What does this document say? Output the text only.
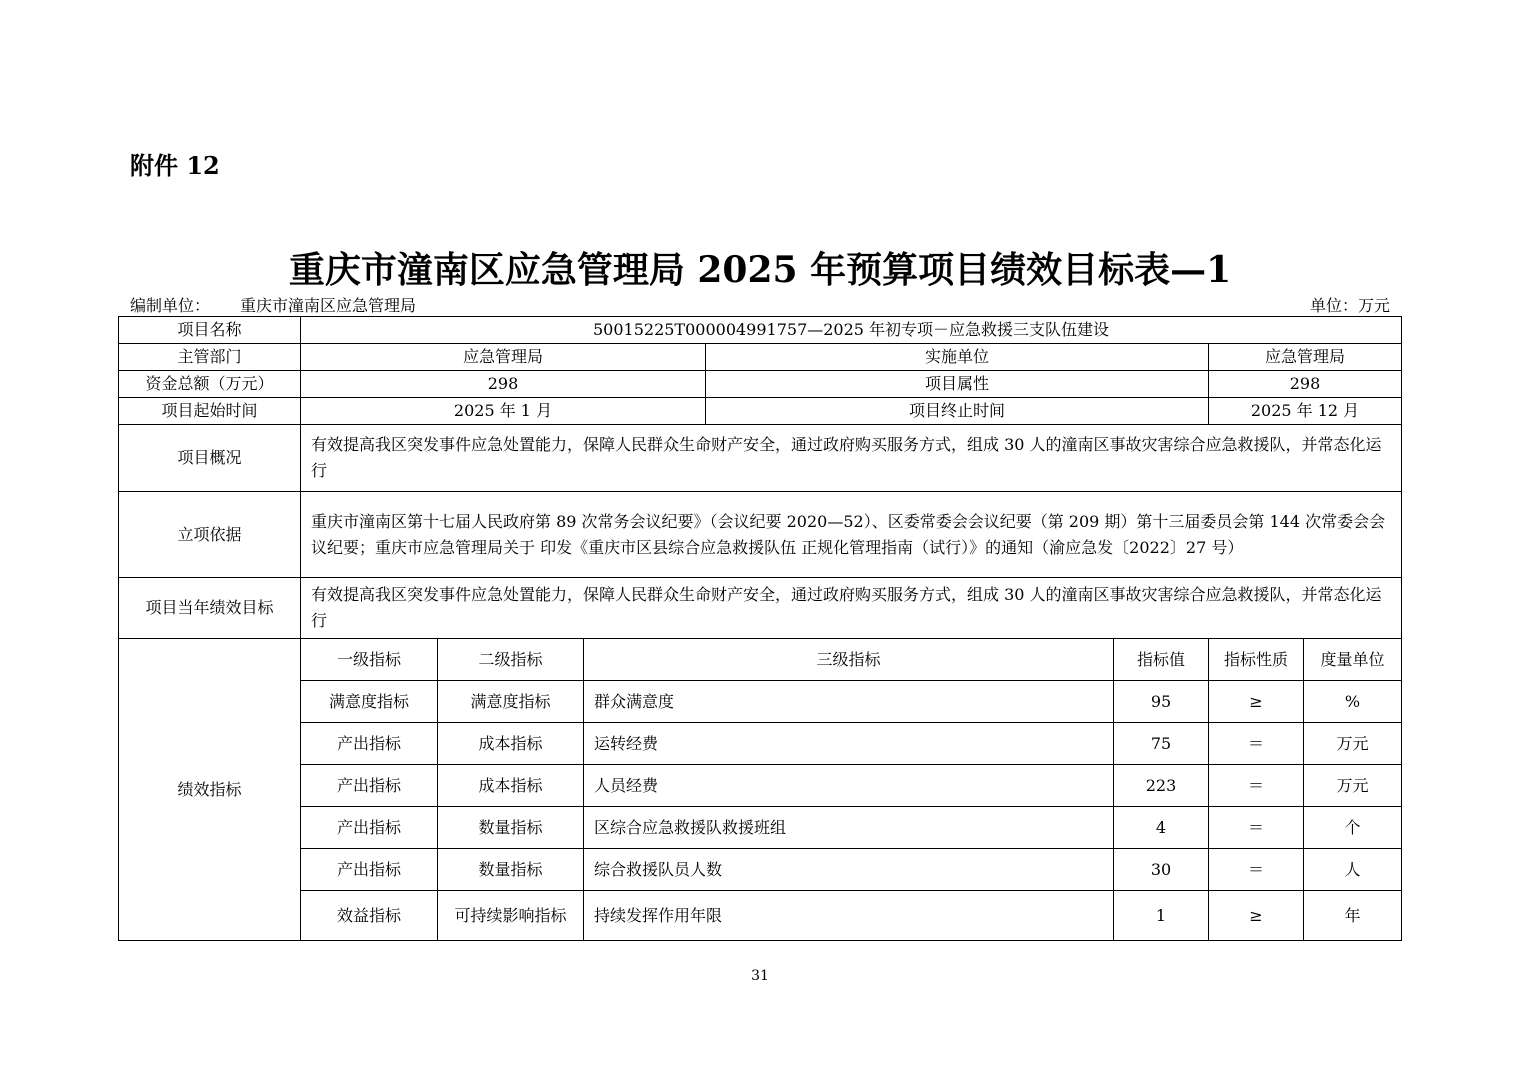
附件 12
重庆市潼南区应急管理局 2025 年预算项目绩效目标表—1
编制单位： 重庆市潼南区应急管理局	单位：万元
项目名称	50015225T000004991757—2025 年初专项－应急救援三支队伍建设						
主管部门	应急管理局			实施单位		应急管理局	
资金总额（万元）	298			项目属性		298	
项目起始时间	2025 年 1 月			项目终止时间		2025 年 12 月	
项目概况	有效提高我区突发事件应急处置能力，保障人民群众生命财产安全，通过政府购买服务方式，组成 30 人的潼南区事故灾害综合应急救援队，并常态化运行						
立项依据	重庆市潼南区第十七届人民政府第 89 次常务会议纪要》（会议纪要 2020—52）、区委常委会会议纪要（第 209 期）第十三届委员会第 144 次常委会会议纪要；重庆市应急管理局关于 印发《重庆市区县综合应急救援队伍 正规化管理指南（试行）》的通知（渝应急发〔2022〕27 号）						
项目当年绩效目标	有效提高我区突发事件应急处置能力，保障人民群众生命财产安全，通过政府购买服务方式，组成 30 人的潼南区事故灾害综合应急救援队，并常态化运行						
绩效指标	一级指标	二级指标	三级指标		指标值	指标性质	度量单位
	满意度指标	满意度指标	群众满意度		95	≥	%
	产出指标	成本指标	运转经费		75	＝	万元
	产出指标	成本指标	人员经费		223	＝	万元
	产出指标	数量指标	区综合应急救援队救援班组		4	＝	个
	产出指标	数量指标	综合救援队员人数		30	＝	人
	效益指标	可持续影响指标	持续发挥作用年限		1	≥	年
31
